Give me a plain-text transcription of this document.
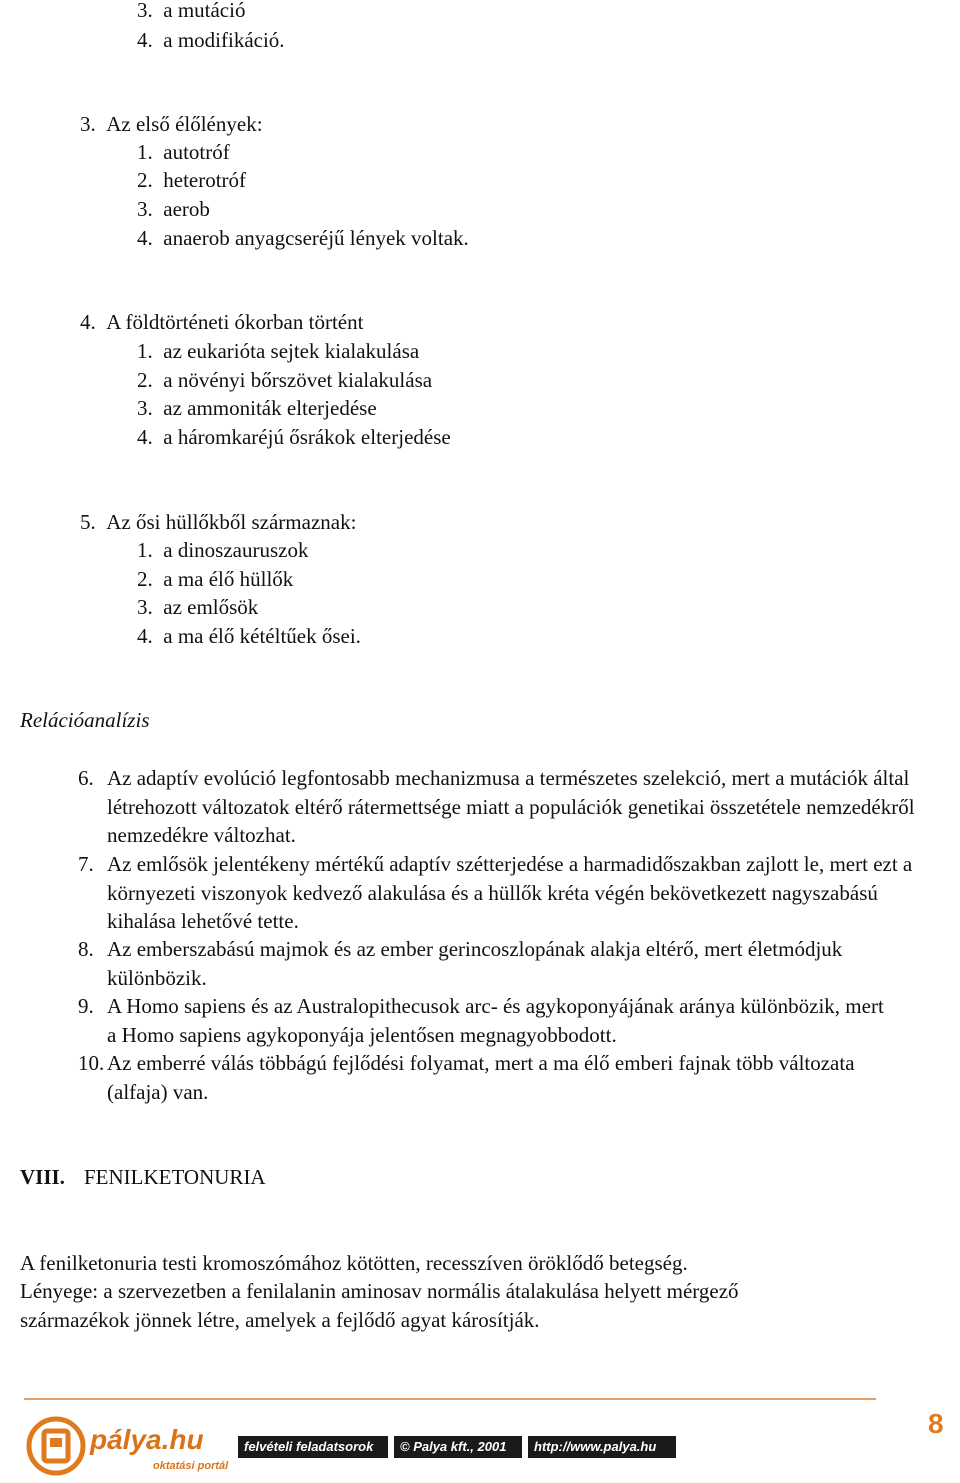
3. a mutáció
4. a modifikáció.
3. Az első élőlények:
1. autotróf
2. heterotróf
3. aerob
4. anaerob anyagcseréjű lények voltak.
4. A földtörténeti ókorban történt
1. az eukarióta sejtek kialakulása
2. a növényi bőrszövet kialakulása
3. az ammoniták elterjedése
4. a háromkaréjú ősrákok elterjedése
5. Az ősi hüllőkből származnak:
1. a dinoszauruszok
2. a ma élő hüllők
3. az emlősök
4. a ma élő kétéltűek ősei.
Relációanalízis
6. Az adaptív evolúció legfontosabb mechanizmusa a természetes szelekció, mert a mutációk által létrehozott változatok eltérő rátermettsége miatt a populációk genetikai összetétele nemzedékről nemzedékre változhat.
7. Az emlősök jelentékeny mértékű adaptív szétterjedése a harmadidőszakban zajlott le, mert ezt a környezeti viszonyok kedvező alakulása és a hüllők kréta végén bekövetkezett nagyszabású kihalása lehetővé tette.
8. Az emberszabású majmok és az ember gerincoszlopának alakja eltérő, mert életmódjuk különbözik.
9. A Homo sapiens és az Australopithecusok arc- és agykoponyájának aránya különbözik, mert a Homo sapiens agykoponyája jelentősen megnagyobbodott.
10. Az emberré válás többágú fejlődési folyamat, mert a ma élő emberi fajnak több változata (alfaja) van.
VIII. FENILKETONURIA
A fenilketonuria testi kromoszómához kötötten, recesszíven öröklődő betegség.
Lényege: a szervezetben a fenilalanin aminosav normális átalakulása helyett mérgező
származékok jönnek létre, amelyek a fejlődő agyat károsítják.
pálya.hu
oktatási portál
felvételi feladatsorok	© Palya kft., 2001	http://www.palya.hu
8
